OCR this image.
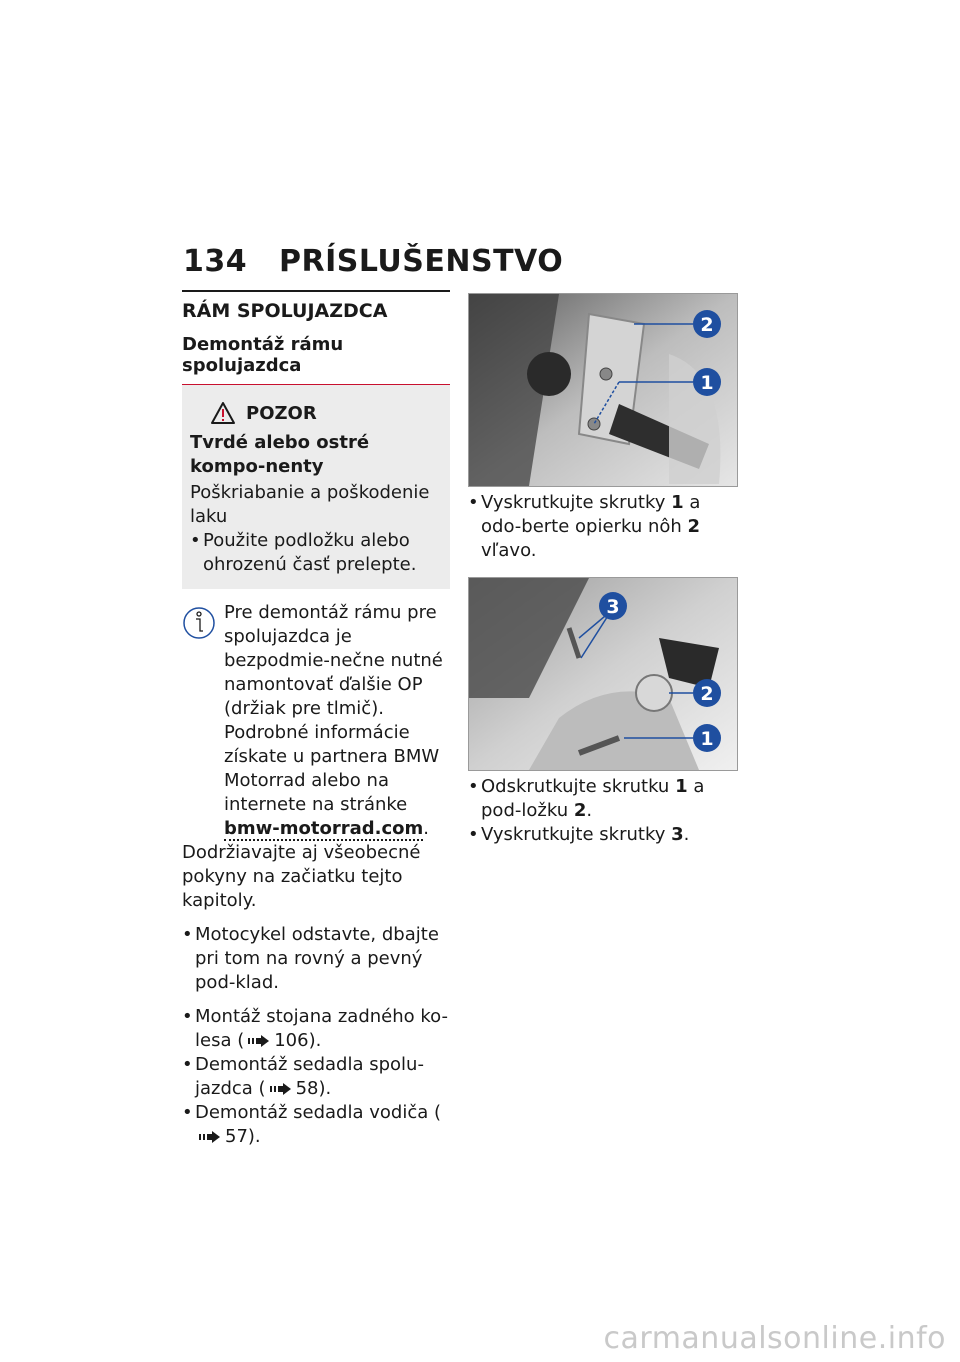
134 PRÍSLUŠENSTVO
RÁM SPOLUJAZDCA
Demontáž rámu spolujazdca
POZOR
Tvrdé alebo ostré kompo-nenty
Poškriabanie a poškodenie laku
• Použite podložku alebo ohrozenú časť prelepte.
Pre demontáž rámu pre spolujazdca je bezpodmie-nečne nutné namontovať ďalšie OP (držiak pre tlmič). Podrobné informácie získate u partnera BMW Motorrad alebo na internete na stránke bmw-motorrad.com.
Dodržiavajte aj všeobecné pokyny na začiatku tejto kapitoly.
• Motocykel odstavte, dbajte pri tom na rovný a pevný pod-klad.
• Montáž stojana zadného ko-lesa ( 106).
• Demontáž sedadla spolu-jazdca ( 58).
• Demontáž sedadla vodiča (57).
2
1
• Vyskrutkujte skrutky 1 a odo-berte opierku nôh 2 vľavo.
3
2
1
• Odskrutkujte skrutku 1 a pod-ložku 2.
• Vyskrutkujte skrutky 3.
carmanualsonline.info
